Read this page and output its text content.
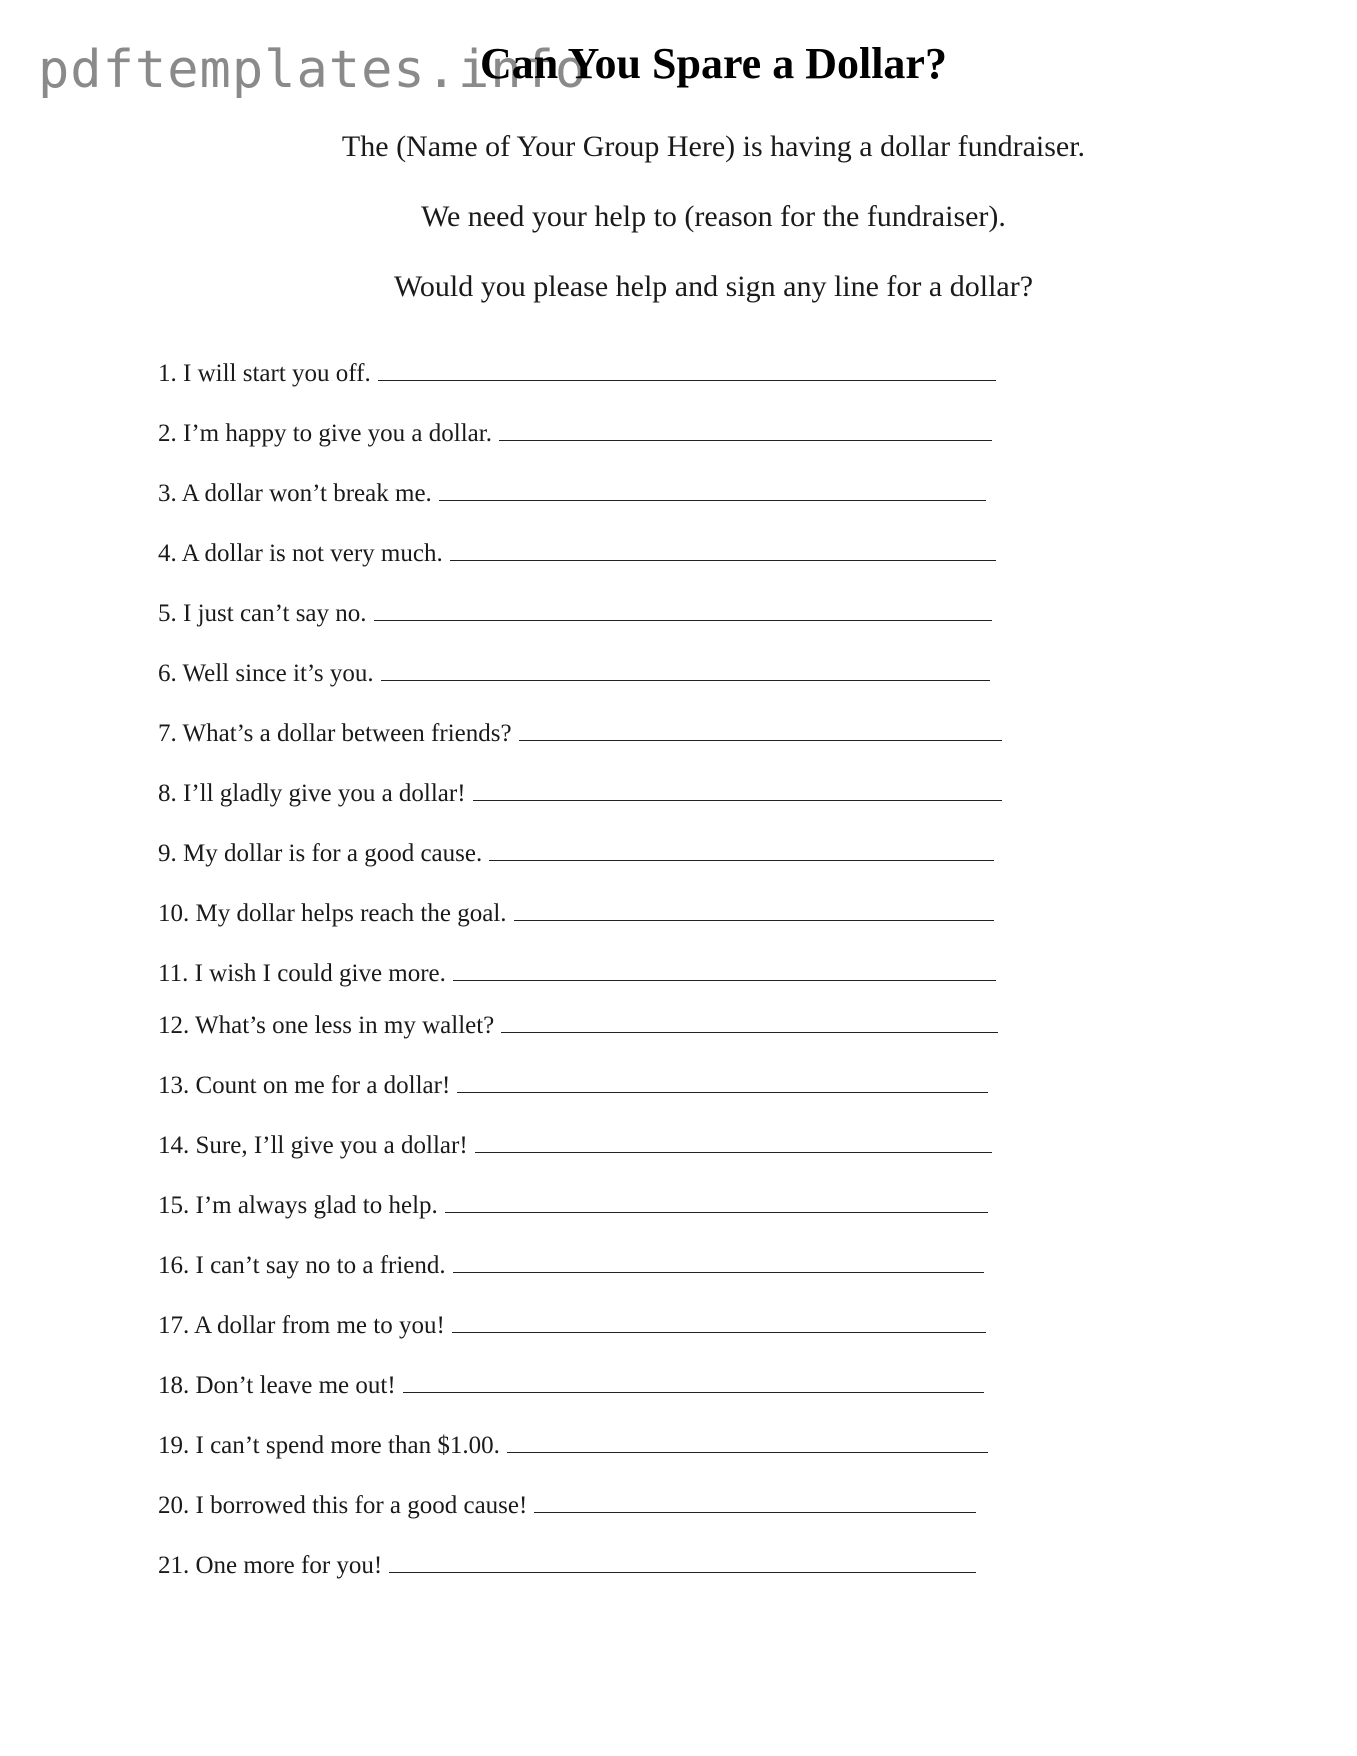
pdftemplates.info
Can You Spare a Dollar?

The (Name of Your Group Here) is having a dollar fundraiser.

We need your help to (reason for the fundraiser).

Would you please help and sign any line for a dollar?

1. I will start you off.
2. I’m happy to give you a dollar.
3. A dollar won’t break me.
4. A dollar is not very much.
5. I just can’t say no.
6. Well since it’s you.
7. What’s a dollar between friends?
8. I’ll gladly give you a dollar!
9. My dollar is for a good cause.
10. My dollar helps reach the goal.
11. I wish I could give more.
12. What’s one less in my wallet?
13. Count on me for a dollar!
14. Sure, I’ll give you a dollar!
15. I’m always glad to help.
16. I can’t say no to a friend.
17. A dollar from me to you!
18. Don’t leave me out!
19. I can’t spend more than $1.00.
20. I borrowed this for a good cause!
21. One more for you!
